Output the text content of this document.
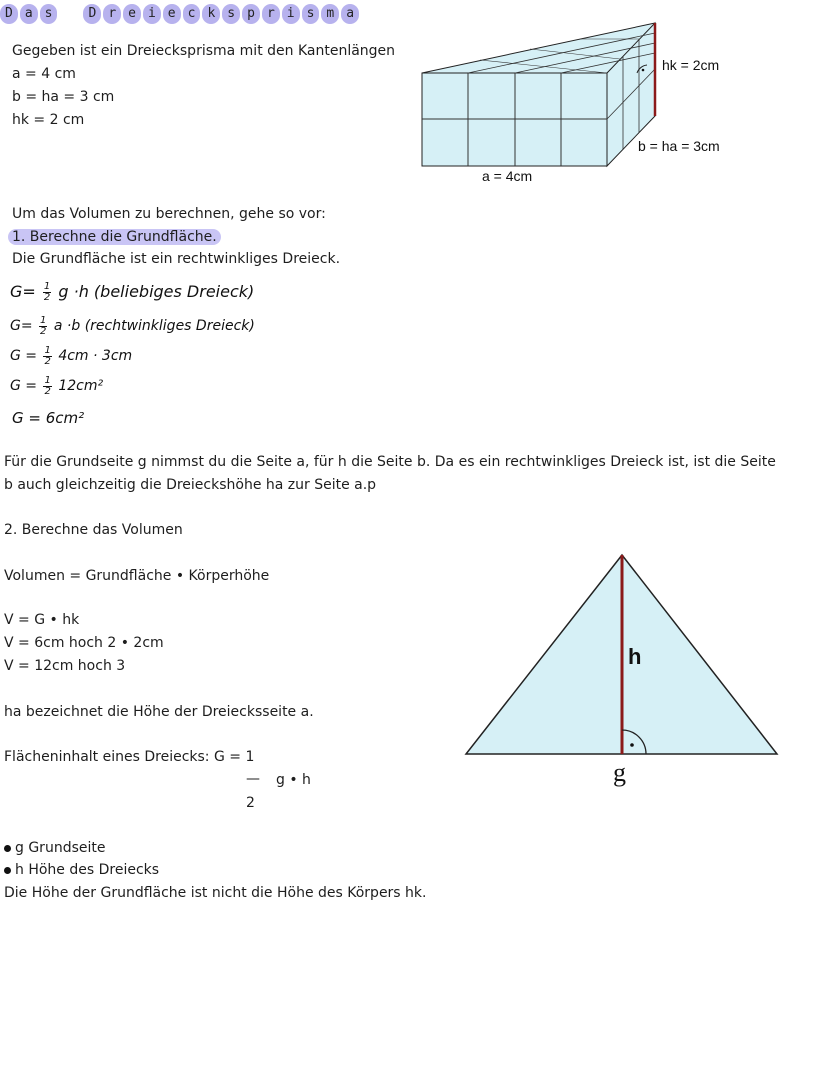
D a s	D r e i e c k s p r i s m a
Gegeben ist ein Dreiecksprisma mit den Kantenlängen
a = 4 cm
b = ha = 3 cm
hk = 2 cm
hk = 2cm
b = ha = 3cm
a = 4cm
Um das Volumen zu berechnen, gehe so vor:
1. Berechne die Grundfläche.
Die Grundfläche ist ein rechtwinkliges Dreieck.
$G= \frac{1}{2}$ g ·h (beliebiges Dreieck)
$G= \frac{1}{2}$ a ·b (rechtwinkliges Dreieck)
$G = \frac{1}{2} 4cm \cdot 3cm$
$G = \frac{1}{2} 12cm^2$
G = 6cm²
Für die Grundseite g nimmst du die Seite a, für h die Seite b. Da es ein rechtwinkliges Dreieck ist, ist die Seite
b auch gleichzeitig die Dreieckshöhe ha zur Seite a.p
2. Berechne das Volumen
Volumen = Grundfläche • Körperhöhe
V = G • hk
V = 6cm hoch 2 • 2cm
V = 12cm hoch 3
ha bezeichnet die Höhe der Dreiecksseite a.
Flächeninhalt eines Dreiecks: G = 1
— g • h
2
h
g
g Grundseite
h Höhe des Dreiecks
Die Höhe der Grundfläche ist nicht die Höhe des Körpers hk.
